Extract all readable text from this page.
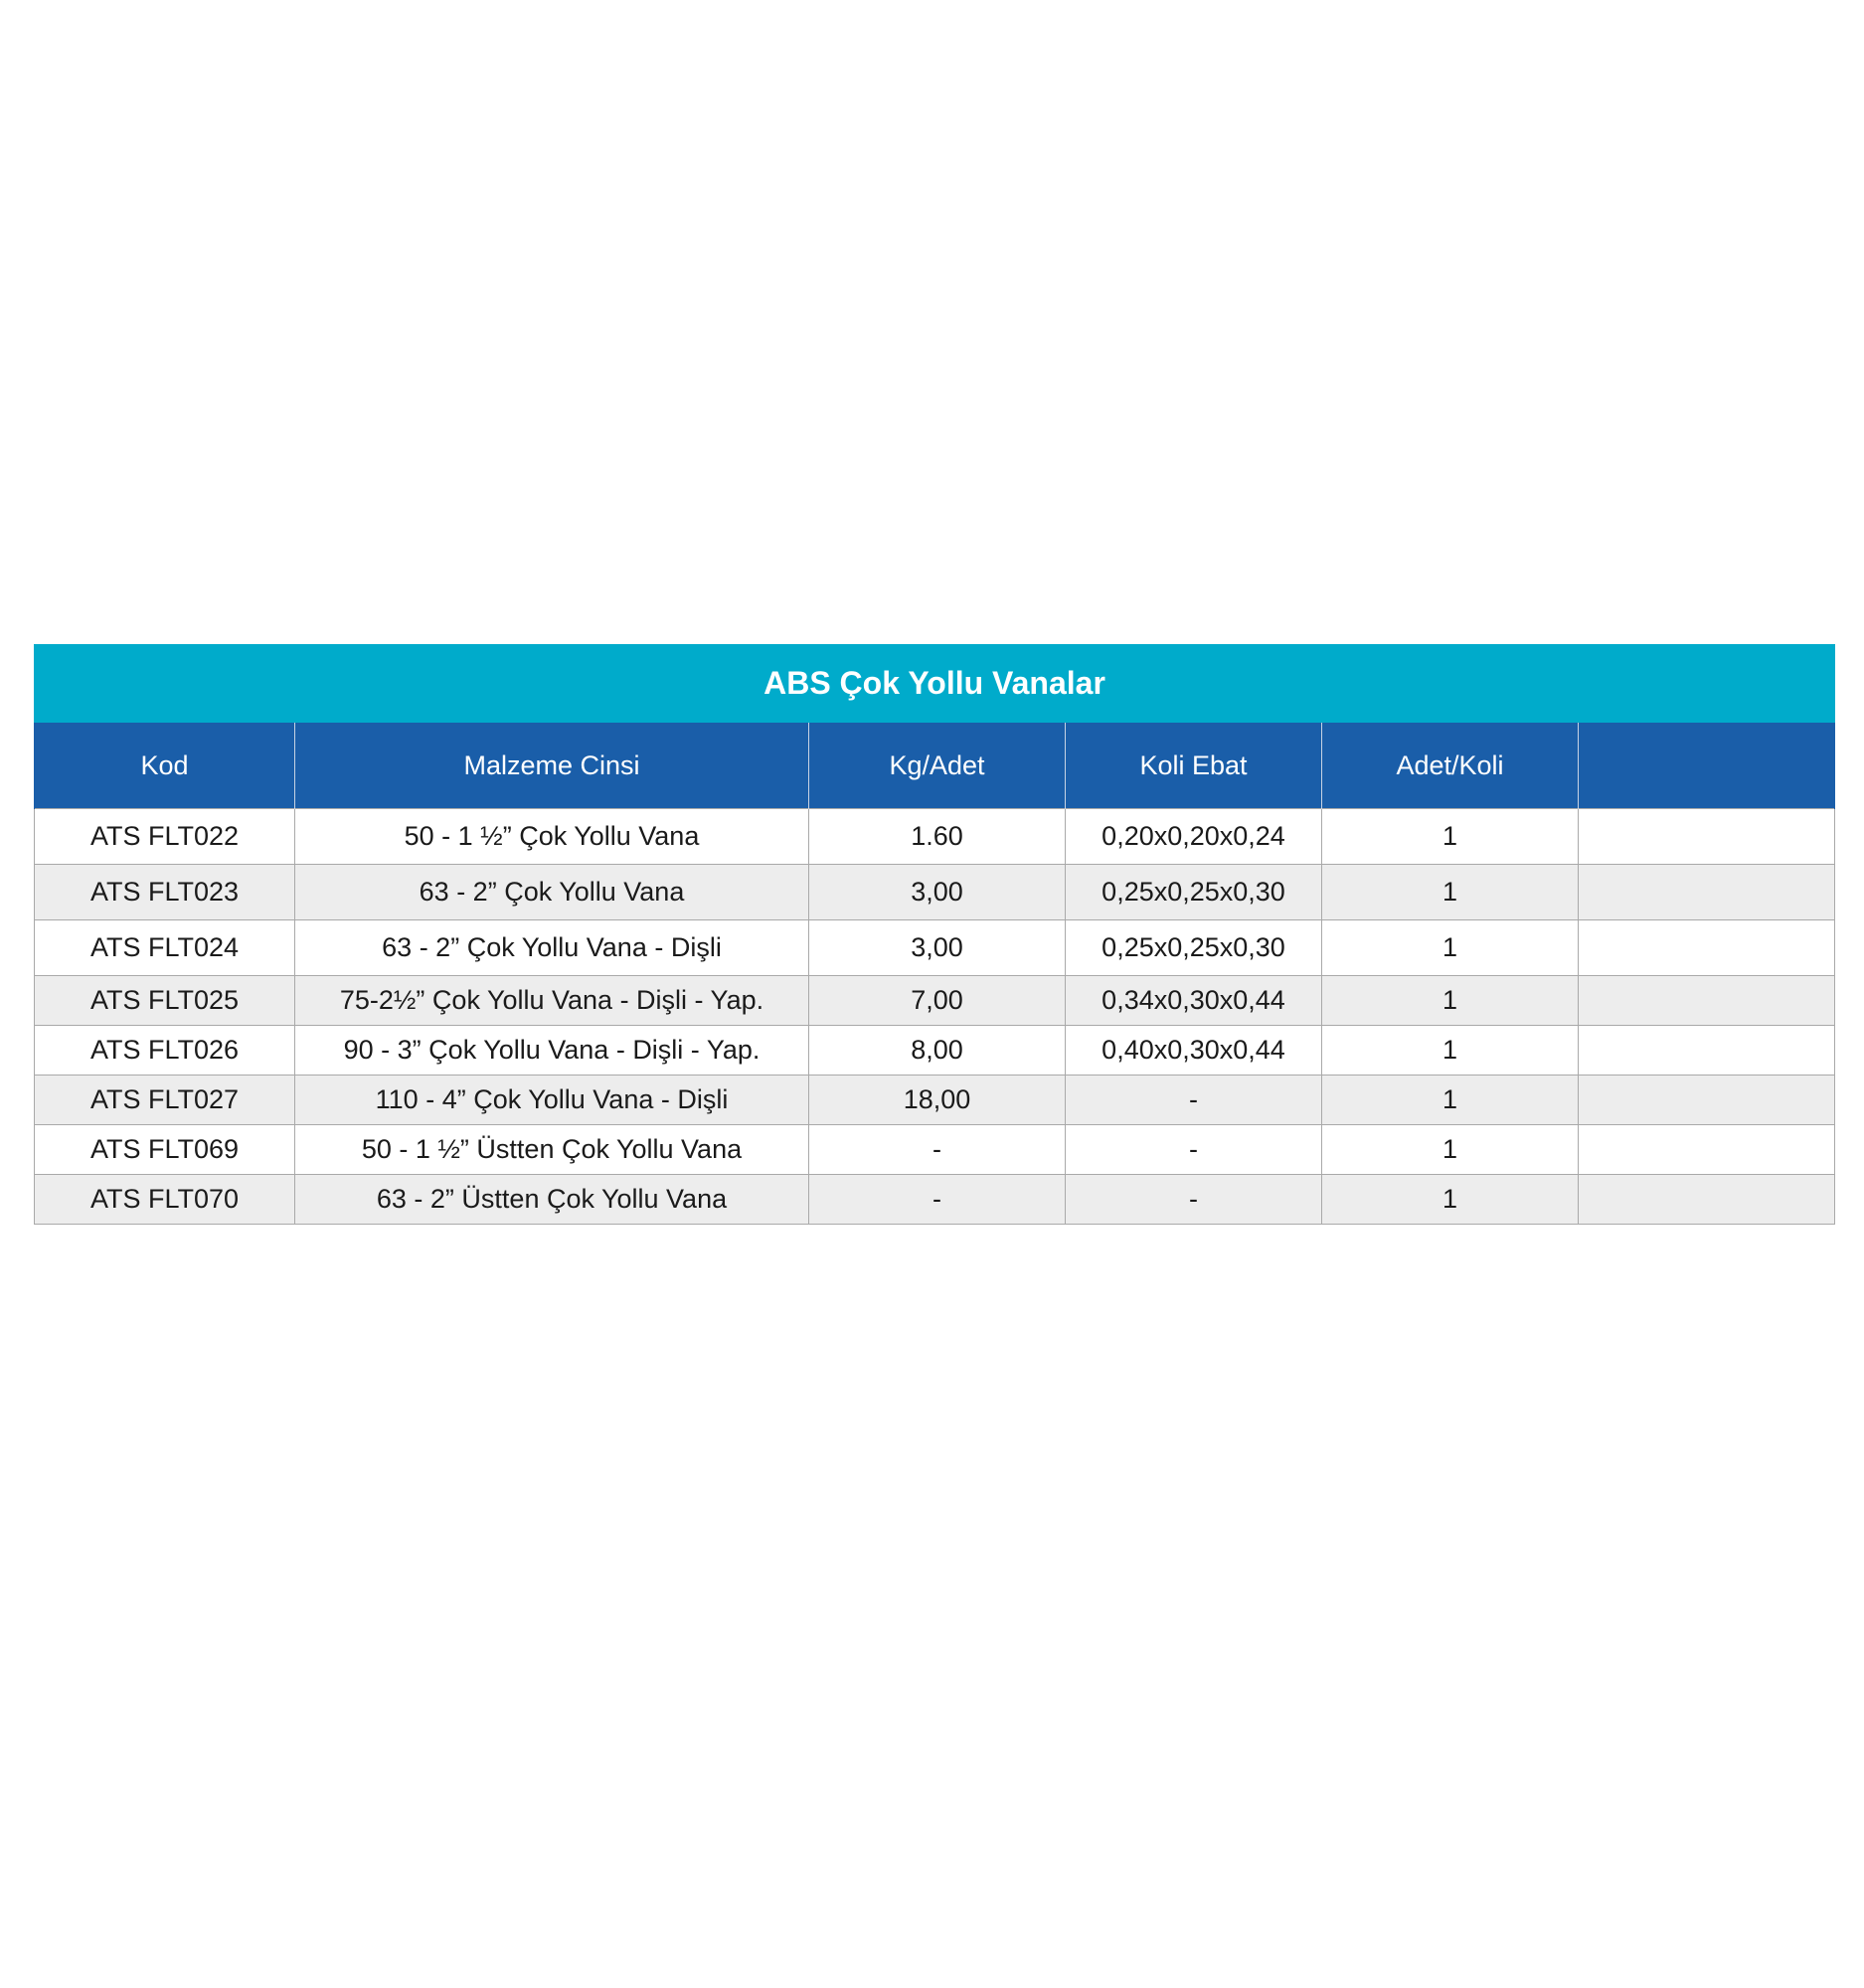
ABS Çok Yollu Vanalar					
Kod	Malzeme Cinsi	Kg/Adet	Koli Ebat	Adet/Koli	
ATS FLT022	50 - 1 ½” Çok Yollu Vana	1.60	0,20x0,20x0,24	1	
ATS FLT023	63 - 2” Çok Yollu Vana	3,00	0,25x0,25x0,30	1	
ATS FLT024	63 - 2” Çok Yollu Vana - Dişli	3,00	0,25x0,25x0,30	1	
ATS FLT025	75-2½” Çok Yollu Vana - Dişli - Yap.	7,00	0,34x0,30x0,44	1	
ATS FLT026	90 - 3” Çok Yollu Vana - Dişli - Yap.	8,00	0,40x0,30x0,44	1	
ATS FLT027	110 - 4” Çok Yollu Vana - Dişli	18,00	-	1	
ATS FLT069	50 - 1 ½” Üstten Çok Yollu Vana	-	-	1	
ATS FLT070	63 - 2” Üstten Çok Yollu Vana	-	-	1	
